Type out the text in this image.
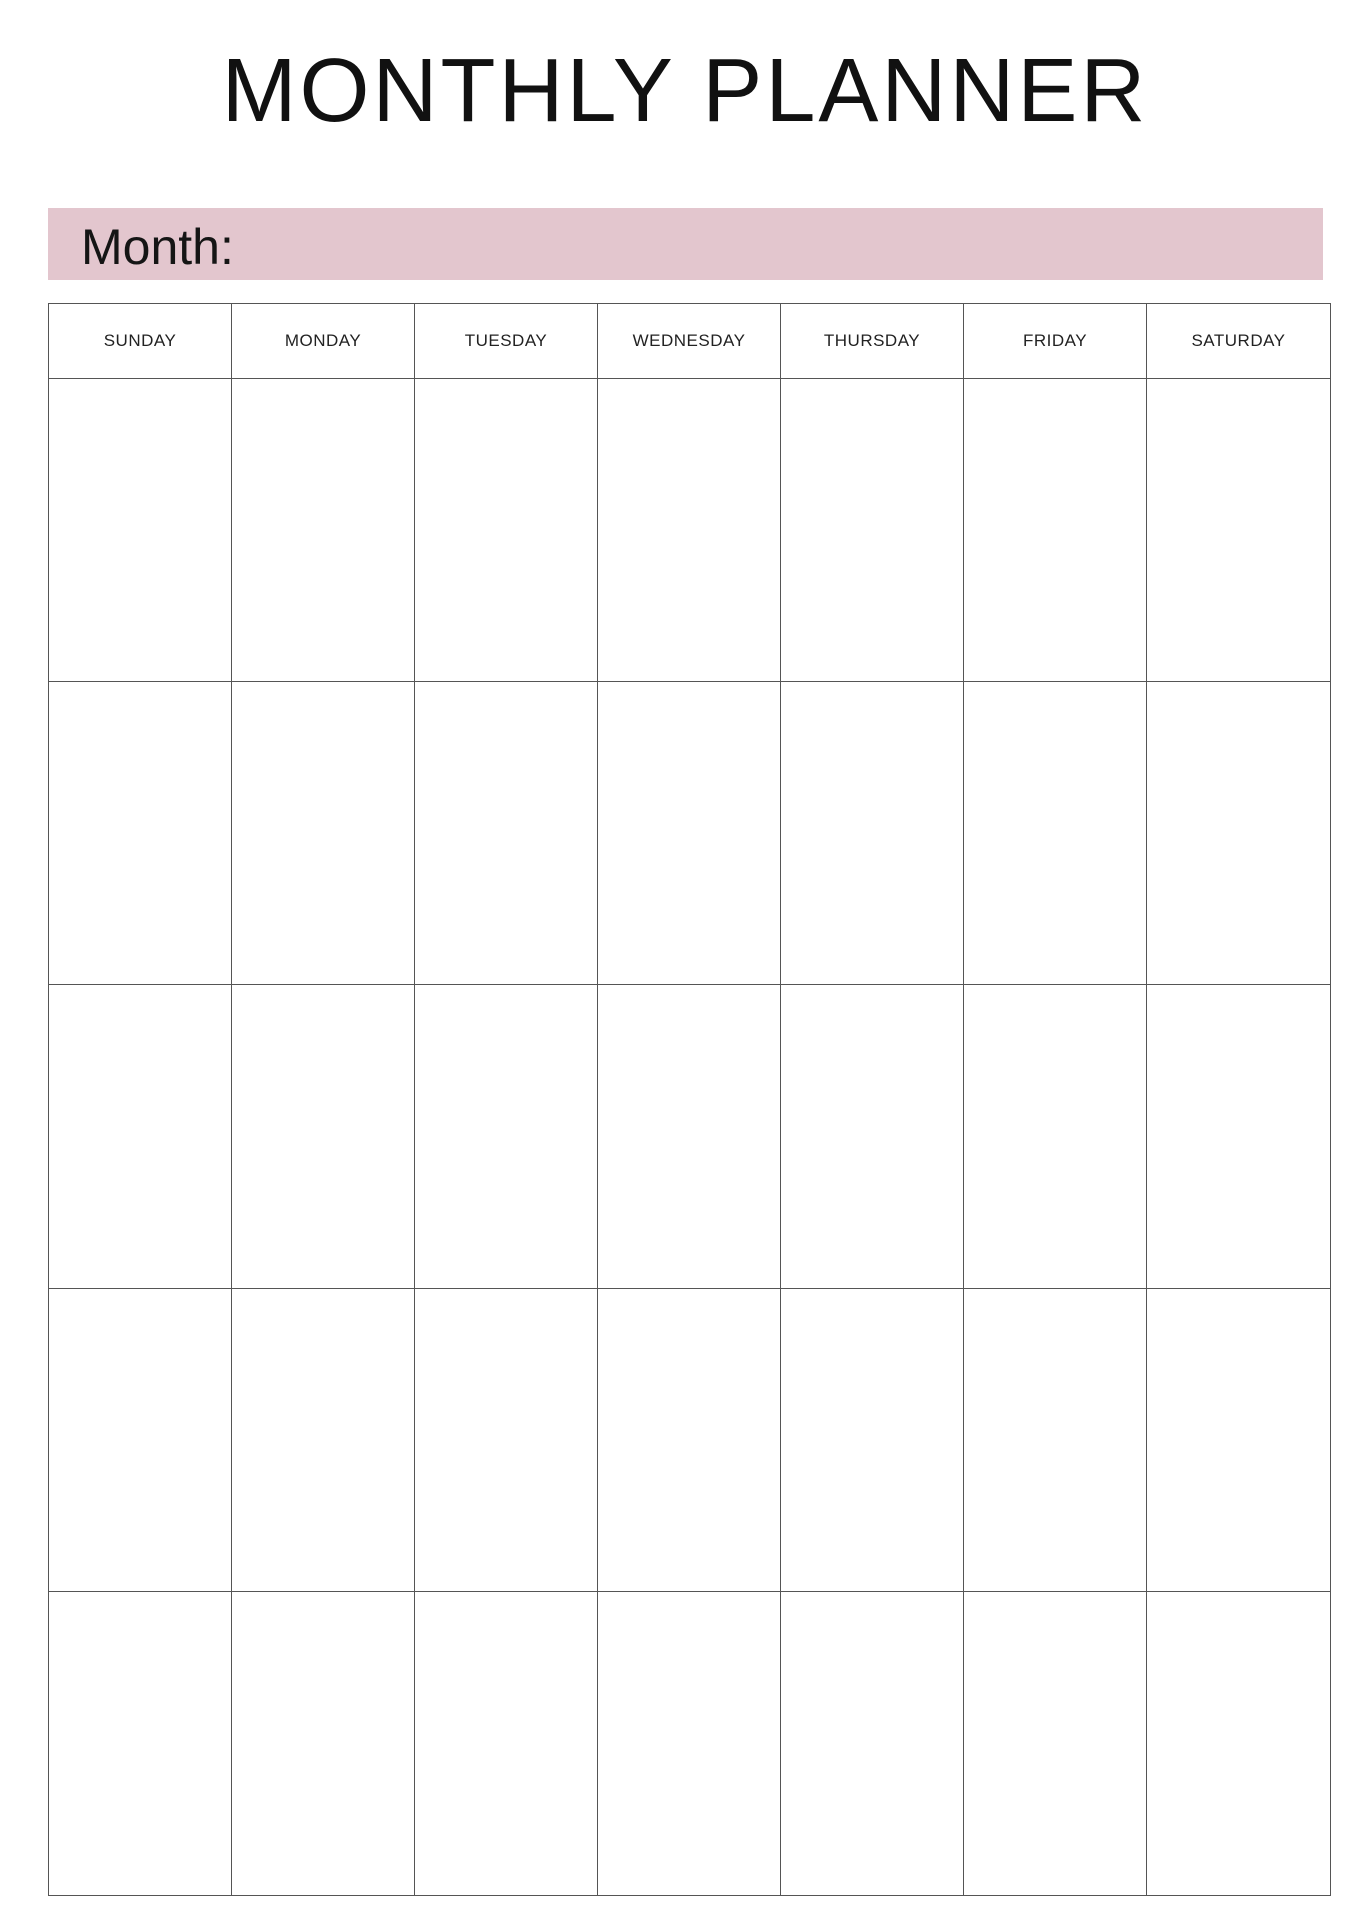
MONTHLY PLANNER
Month:
SUNDAY	MONDAY	TUESDAY	WEDNESDAY	THURSDAY	FRIDAY	SATURDAY
